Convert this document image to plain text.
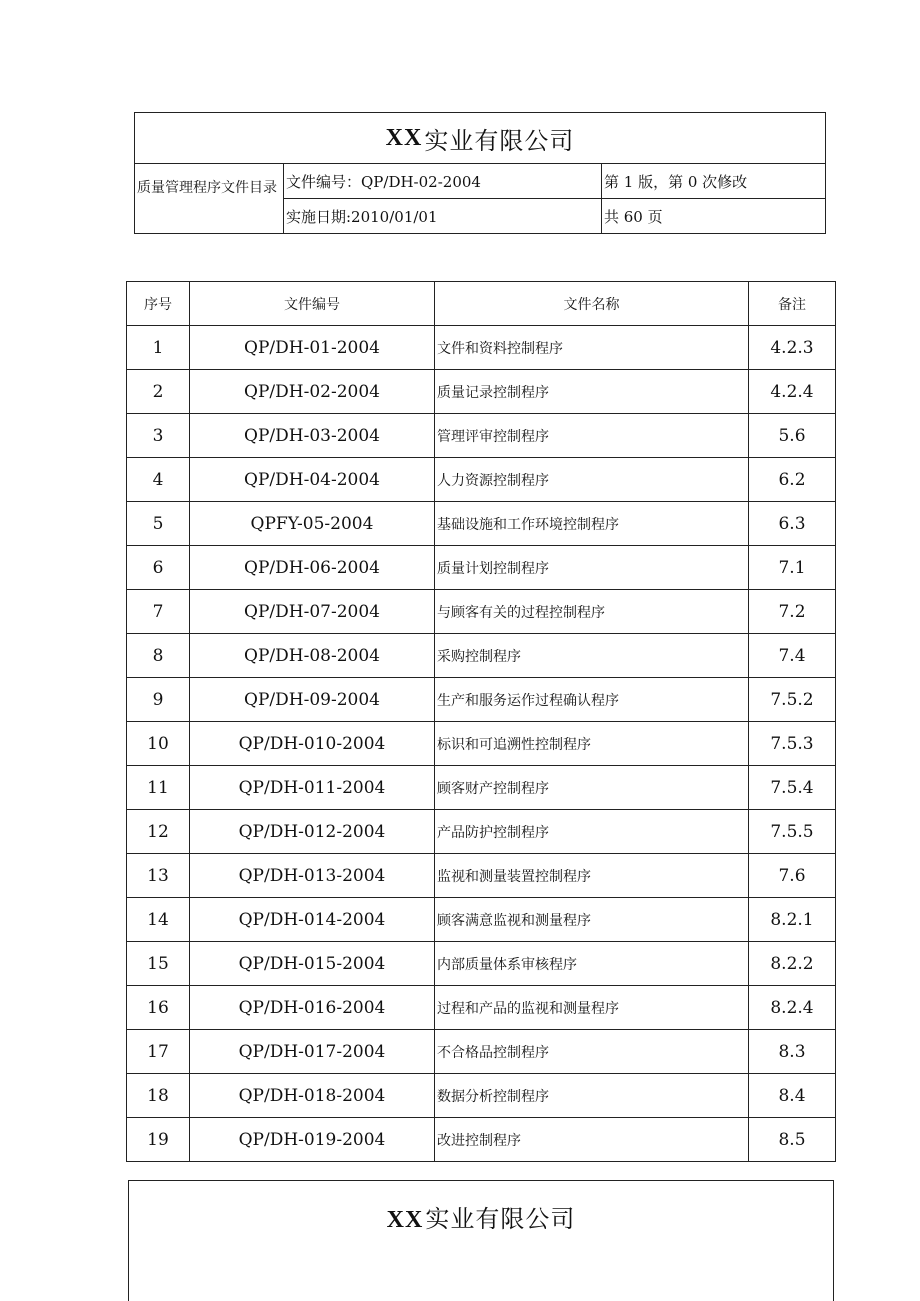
XX 实业有限公司
质量管理程序文件目录 文件编号：QP/DH-02-2004	第 1 版，第 0 次修改
实施日期:2010/01/01	共 60 页
序号	文件编号	文件名称	备注
1	QP/DH-01-2004	文件和资料控制程序	4.2.3
2	QP/DH-02-2004	质量记录控制程序	4.2.4
3	QP/DH-03-2004	管理评审控制程序	5.6
4	QP/DH-04-2004	人力资源控制程序	6.2
5	QPFY-05-2004	基础设施和工作环境控制程序	6.3
6	QP/DH-06-2004	质量计划控制程序	7.1
7	QP/DH-07-2004	与顾客有关的过程控制程序	7.2
8	QP/DH-08-2004	采购控制程序	7.4
9	QP/DH-09-2004	生产和服务运作过程确认程序	7.5.2
10	QP/DH-010-2004	标识和可追溯性控制程序	7.5.3
11	QP/DH-011-2004	顾客财产控制程序	7.5.4
12	QP/DH-012-2004	产品防护控制程序	7.5.5
13	QP/DH-013-2004	监视和测量装置控制程序	7.6
14	QP/DH-014-2004	顾客满意监视和测量程序	8.2.1
15	QP/DH-015-2004	内部质量体系审核程序	8.2.2
16	QP/DH-016-2004	过程和产品的监视和测量程序	8.2.4
17	QP/DH-017-2004	不合格品控制程序	8.3
18	QP/DH-018-2004	数据分析控制程序	8.4
19	QP/DH-019-2004	改进控制程序	8.5
XX实业有限公司
